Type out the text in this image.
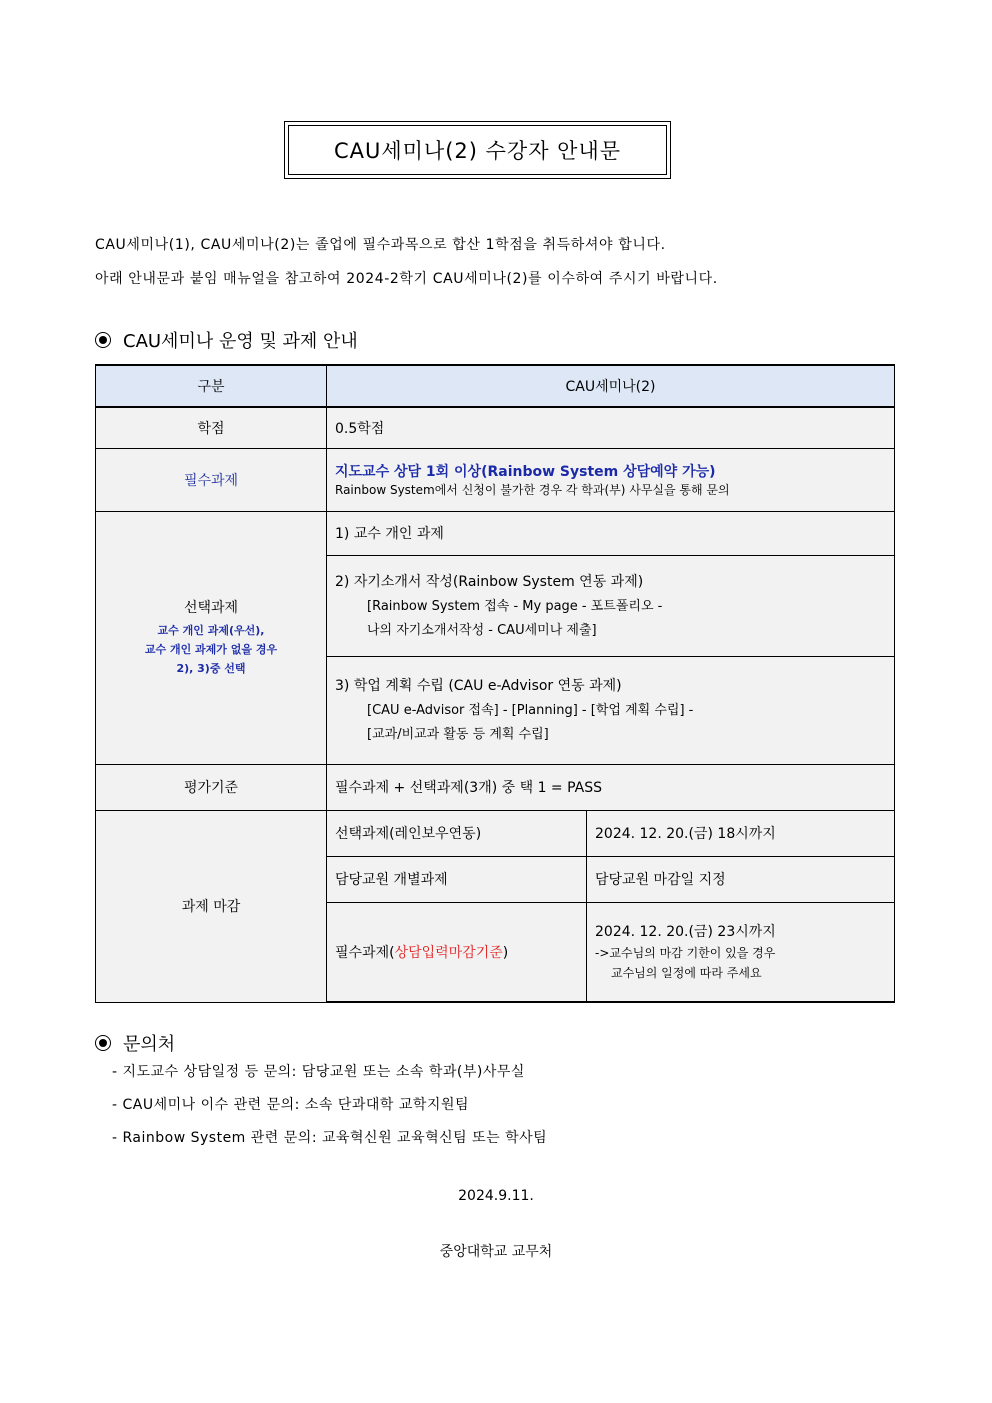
CAU세미나(2) 수강자 안내문
CAU세미나(1), CAU세미나(2)는 졸업에 필수과목으로 합산 1학점을 취득하셔야 합니다.
아래 안내문과 붙임 매뉴얼을 참고하여 2024-2학기 CAU세미나(2)를 이수하여 주시기 바랍니다.
CAU세미나 운영 및 과제 안내
구분	CAU세미나(2)	
학점	0.5학점	
필수과제	지도교수 상담 1회 이상(Rainbow System 상담예약 가능)
Rainbow System에서 신청이 불가한 경우 각 학과(부) 사무실을 통해 문의	

선택과제
교수 개인 과제(우선),
교수 개인 과제가 없을 경우
2), 3)중 선택	1) 교수 개인 과제	

	2) 자기소개서 작성(Rainbow System 연동 과제)
[Rainbow System 접속 - My page - 포트폴리오 -
나의 자기소개서작성 - CAU세미나 제출]	

	3) 학업 계획 수립 (CAU e-Advisor 연동 과제)
[CAU e-Advisor 접속] - [Planning] - [학업 계획 수립] -
[교과/비교과 활동 등 계획 수립]	

평가기준	필수과제 + 선택과제(3개) 중 택 1 = PASS	
과제 마감	선택과제(레인보우연동)	2024. 12. 20.(금) 18시까지
	담당교원 개별과제	담당교원 마감일 지정
	필수과제(상담입력마감기준)	2024. 12. 20.(금) 23시까지
->교수님의 마감 기한이 있을 경우
교수님의 일정에 따라 주세요
문의처
- 지도교수 상담일정 등 문의: 담당교원 또는 소속 학과(부)사무실
- CAU세미나 이수 관련 문의: 소속 단과대학 교학지원팀
- Rainbow System 관련 문의: 교육혁신원 교육혁신팀 또는 학사팀
2024.9.11.
중앙대학교 교무처
